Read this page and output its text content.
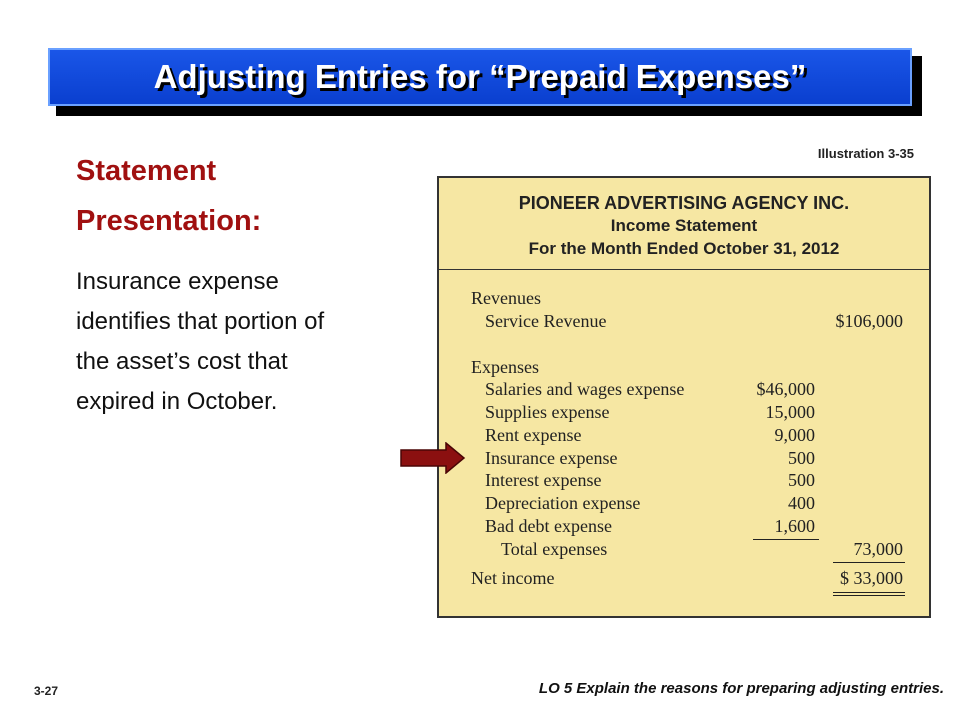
Adjusting Entries for “Prepaid Expenses”
Statement
Presentation:
Insurance expense
identifies that portion of
the asset’s cost that
expired in October.
Illustration 3-35
PIONEER ADVERTISING AGENCY INC.
Income Statement
For the Month Ended October 31, 2012
Revenues
Service Revenue	$106,000
Expenses
Salaries and wages expense	$46,000
Supplies expense	15,000
Rent expense	9,000
Insurance expense	500
Interest expense	500
Depreciation expense	400
Bad debt expense	1,600
Total expenses	73,000
Net income	$ 33,000
3-27	LO 5 Explain the reasons for preparing adjusting entries.
